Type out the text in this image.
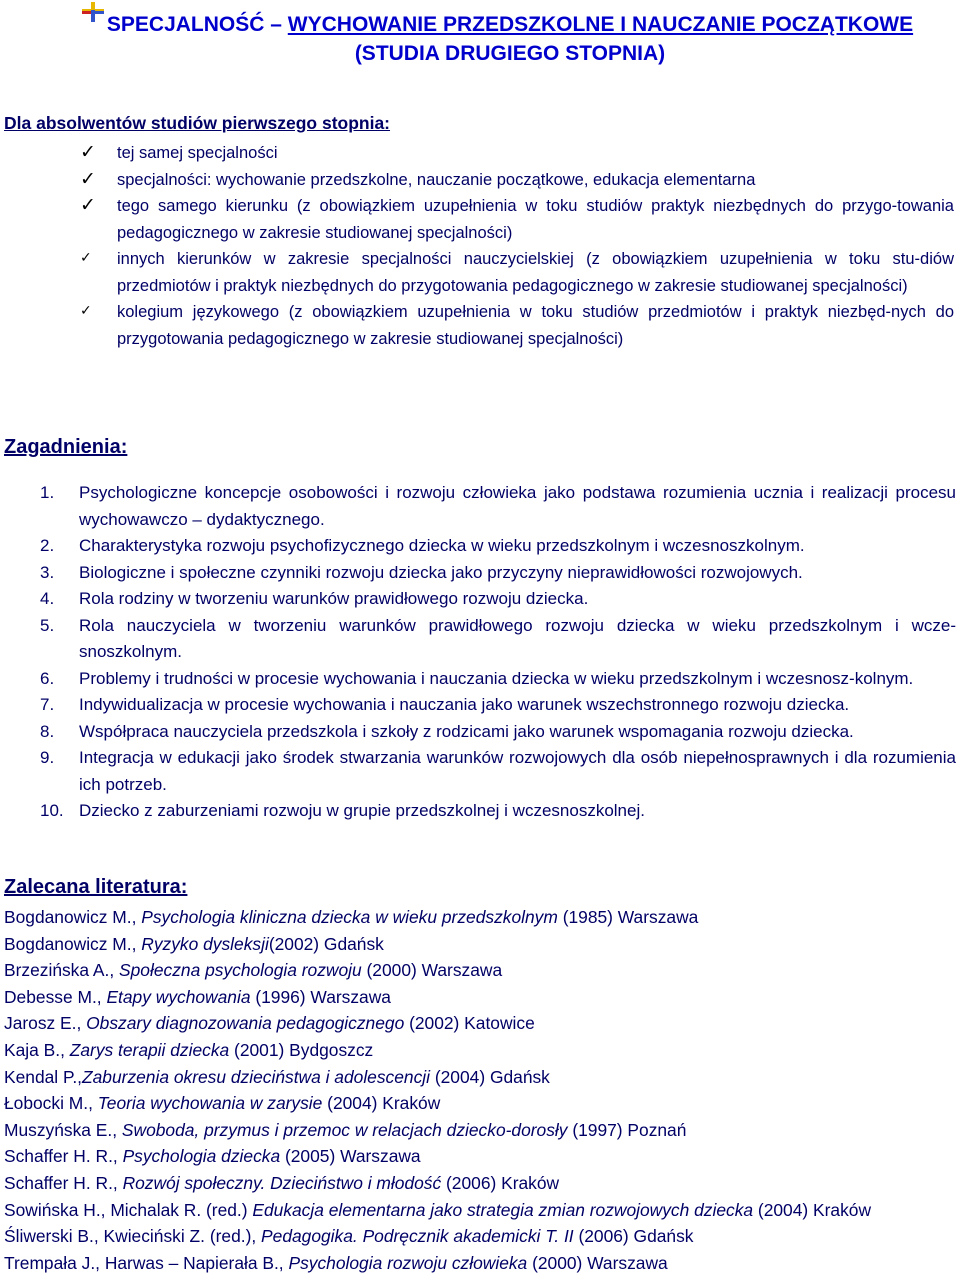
SPECJALNOŚĆ – WYCHOWANIE PRZEDSZKOLNE I NAUCZANIE POCZĄTKOWE
(STUDIA DRUGIEGO STOPNIA)
Dla absolwentów studiów pierwszego stopnia:
✓ tej samej specjalności
✓ specjalności: wychowanie przedszkolne, nauczanie początkowe, edukacja elementarna
✓ tego samego kierunku (z obowiązkiem uzupełnienia w toku studiów praktyk niezbędnych do przygo-towania pedagogicznego w zakresie studiowanej specjalności)
✓ innych kierunków w zakresie specjalności nauczycielskiej (z obowiązkiem uzupełnienia w toku stu-diów przedmiotów i praktyk niezbędnych do przygotowania pedagogicznego w zakresie studiowanej specjalności)
✓ kolegium językowego (z obowiązkiem uzupełnienia w toku studiów przedmiotów i praktyk niezbęd-nych do przygotowania pedagogicznego w zakresie studiowanej specjalności)
Zagadnienia:
1. Psychologiczne koncepcje osobowości i rozwoju człowieka jako podstawa rozumienia ucznia i realizacji procesu wychowawczo – dydaktycznego.
2. Charakterystyka rozwoju psychofizycznego dziecka w wieku przedszkolnym i wczesnoszkolnym.
3. Biologiczne i społeczne czynniki rozwoju dziecka jako przyczyny nieprawidłowości rozwojowych.
4. Rola rodziny w tworzeniu warunków prawidłowego rozwoju dziecka.
5. Rola nauczyciela w tworzeniu warunków prawidłowego rozwoju dziecka w wieku przedszkolnym i wcze-snoszkolnym.
6. Problemy i trudności w procesie wychowania i nauczania dziecka w wieku przedszkolnym i wczesnosz-kolnym.
7. Indywidualizacja w procesie wychowania i nauczania jako warunek wszechstronnego rozwoju dziecka.
8. Współpraca nauczyciela przedszkola i szkoły z rodzicami jako warunek wspomagania rozwoju dziecka.
9. Integracja w edukacji jako środek stwarzania warunków rozwojowych dla osób niepełnosprawnych i dla rozumienia ich potrzeb.
10. Dziecko z zaburzeniami rozwoju w grupie przedszkolnej i wczesnoszkolnej.
Zalecana literatura:
Bogdanowicz M., Psychologia kliniczna dziecka w wieku przedszkolnym (1985) Warszawa
Bogdanowicz M., Ryzyko dysleksji(2002) Gdańsk
Brzezińska A., Społeczna psychologia rozwoju (2000) Warszawa
Debesse M., Etapy wychowania (1996) Warszawa
Jarosz E., Obszary diagnozowania pedagogicznego (2002) Katowice
Kaja B., Zarys terapii dziecka (2001) Bydgoszcz
Kendal P.,Zaburzenia okresu dzieciństwa i adolescencji (2004) Gdańsk
Łobocki M., Teoria wychowania w zarysie (2004) Kraków
Muszyńska E., Swoboda, przymus i przemoc w relacjach dziecko-dorosły (1997) Poznań
Schaffer H. R., Psychologia dziecka (2005) Warszawa
Schaffer H. R., Rozwój społeczny. Dzieciństwo i młodość (2006) Kraków
Sowińska H., Michalak R. (red.) Edukacja elementarna jako strategia zmian rozwojowych dziecka (2004) Kraków
Śliwerski B., Kwieciński Z. (red.), Pedagogika. Podręcznik akademicki T. II (2006) Gdańsk
Trempała J., Harwas – Napierała B., Psychologia rozwoju człowieka (2000) Warszawa
